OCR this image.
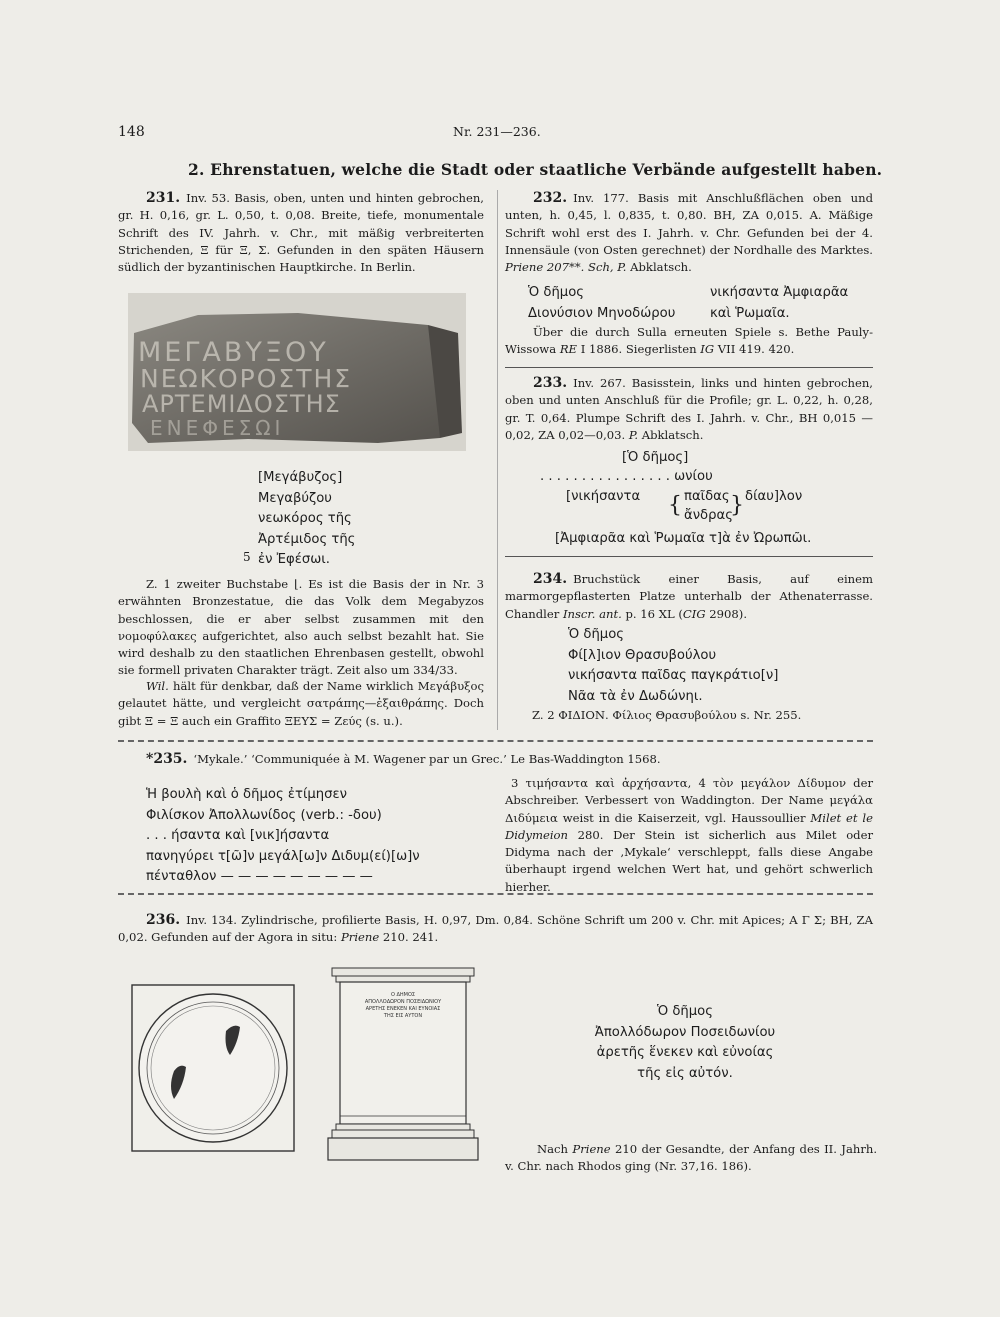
148	Nr. 231—236.
2. Ehrenstatuen, welche die Stadt oder staatliche Verbände aufgestellt haben.
231. Inv. 53. Basis, oben, unten und hinten gebrochen, gr. H. 0,16, gr. L. 0,50, t. 0,08. Breite, tiefe, monumentale Schrift des IV. Jahrh. v. Chr., mit mäßig verbreiterten Strichenden, Ξ für Ξ, Σ. Gefunden in den späten Häusern südlich der byzantinischen Hauptkirche. In Berlin.
ΜΕΓΑΒΥΞΟΥ
ΝΕΩΚΟΡΟΣΤΗΣ
ΑΡΤΕΜΙΔΟΣΤΗΣ
ΕΝΕΦΕΣΩΙ
[Μεγάβυζος]
Μεγαβύζου
νεωκόρος τῆς
Ἀρτέμιδος τῆς
ἐν Ἐφέσωι.
5
Z. 1 zweiter Buchstabe ⌊. Es ist die Basis der in Nr. 3 erwähnten Bronzestatue, die das Volk dem Megabyzos beschlossen, die er aber selbst zusammen mit den νομοφύλακες aufgerichtet, also auch selbst bezahlt hat. Sie wird deshalb zu den staatlichen Ehrenbasen gestellt, obwohl sie formell privaten Charakter trägt. Zeit also um 334/33.
Wil. hält für denkbar, daß der Name wirklich Μεγάβυξος gelautet hätte, und vergleicht σατράπης—ἐξαιθράπης. Doch gibt Ξ = Ξ auch ein Graffito ΞΕΥΣ = Ζεύς (s. u.).
232. Inv. 177. Basis mit Anschlußflächen oben und unten, h. 0,45, l. 0,835, t. 0,80. BH, ZA 0,015. A. Mäßige Schrift wohl erst des I. Jahrh. v. Chr. Gefunden bei der 4. Innensäule (von Osten gerechnet) der Nordhalle des Marktes. Priene 207**. Sch, P. Abklatsch.
Ὁ δῆμος
Διονύσιον Μηνοδώρου
νικήσαντα Ἀμφιαρᾶα
καὶ Ῥωμαῖα.
Über die durch Sulla erneuten Spiele s. Bethe Pauly-Wissowa RE I 1886. Siegerlisten IG VII 419. 420.
233. Inv. 267. Basisstein, links und hinten gebrochen, oben und unten Anschluß für die Profile; gr. L. 0,22, h. 0,28, gr. T. 0,64. Plumpe Schrift des I. Jahrh. v. Chr., BH 0,015 —0,02, ZA 0,02—0,03. P. Abklatsch.
[Ὁ δῆμος]
. . . . . . . . . . . . . . . . ωνίου
[νικήσαντα { παῖδας
ἄνδρας
} δίαυ]λον
[Ἀμφιαρᾶα καὶ Ῥωμαῖα τ]ὰ ἐν Ὠρωπῶι.
234. Bruchstück einer Basis, auf einem marmorgepflasterten Platze unterhalb der Athenaterrasse. Chandler Inscr. ant. p. 16 XL (CIG 2908).
Ὁ δῆμος
Φί[λ]ιον Θρασυβούλου
νικήσαντα παῖδας παγκράτιο[ν]
Νᾶα τὰ ἐν Δωδώνηι.
Z. 2 ΦΙΔΙΟΝ. Φίλιος Θρασυβούλου s. Nr. 255.
*235. ‘Mykale.’ ‘Communiquée à M. Wagener par un Grec.’ Le Bas-Waddington 1568.
Ἡ βουλὴ καὶ ὁ δῆμος ἐτίμησεν
Φιλίσκον Ἀπολλωνίδος (verb.: -δου)
. . . ήσαντα καὶ [νικ]ήσαντα
πανηγύρει τ[ῶ]ν μεγάλ[ω]ν Διδυμ(εί)[ω]ν
πένταθλον — — — — — — — — —
3 τιμήσαντα καὶ ἀρχήσαντα, 4 τὸν μεγάλον Δίδυμον der Abschreiber. Verbessert von Waddington. Der Name μεγάλα Διδύμεια weist in die Kaiserzeit, vgl. Haussoullier Milet et le Didymeion 280. Der Stein ist sicherlich aus Milet oder Didyma nach der ‚Mykale‘ verschleppt, falls diese Angabe überhaupt irgend welchen Wert hat, und gehört schwerlich hierher.
236. Inv. 134. Zylindrische, profilierte Basis, H. 0,97, Dm. 0,84. Schöne Schrift um 200 v. Chr. mit Apices; Α Γ Σ; BH, ZA 0,02. Gefunden auf der Agora in situ: Priene 210. 241.
Ο ΔΗΜΟΣ
ΑΠΟΛΛΟΔΩΡΟΝ ΠΟΣΕΙΔΩΝΙΟΥ
ΑΡΕΤΗΣ ΕΝΕΚΕΝ ΚΑΙ ΕΥΝΟΙΑΣ
ΤΗΣ ΕΙΣ ΑΥΤΟΝ	Ὁ δῆμος
Ἀπολλόδωρον Ποσειδωνίου
ἀρετῆς ἕνεκεν καὶ εὐνοίας
τῆς εἰς αὐτόν.
Nach Priene 210 der Gesandte, der Anfang des II. Jahrh. v. Chr. nach Rhodos ging (Nr. 37,16. 186).
